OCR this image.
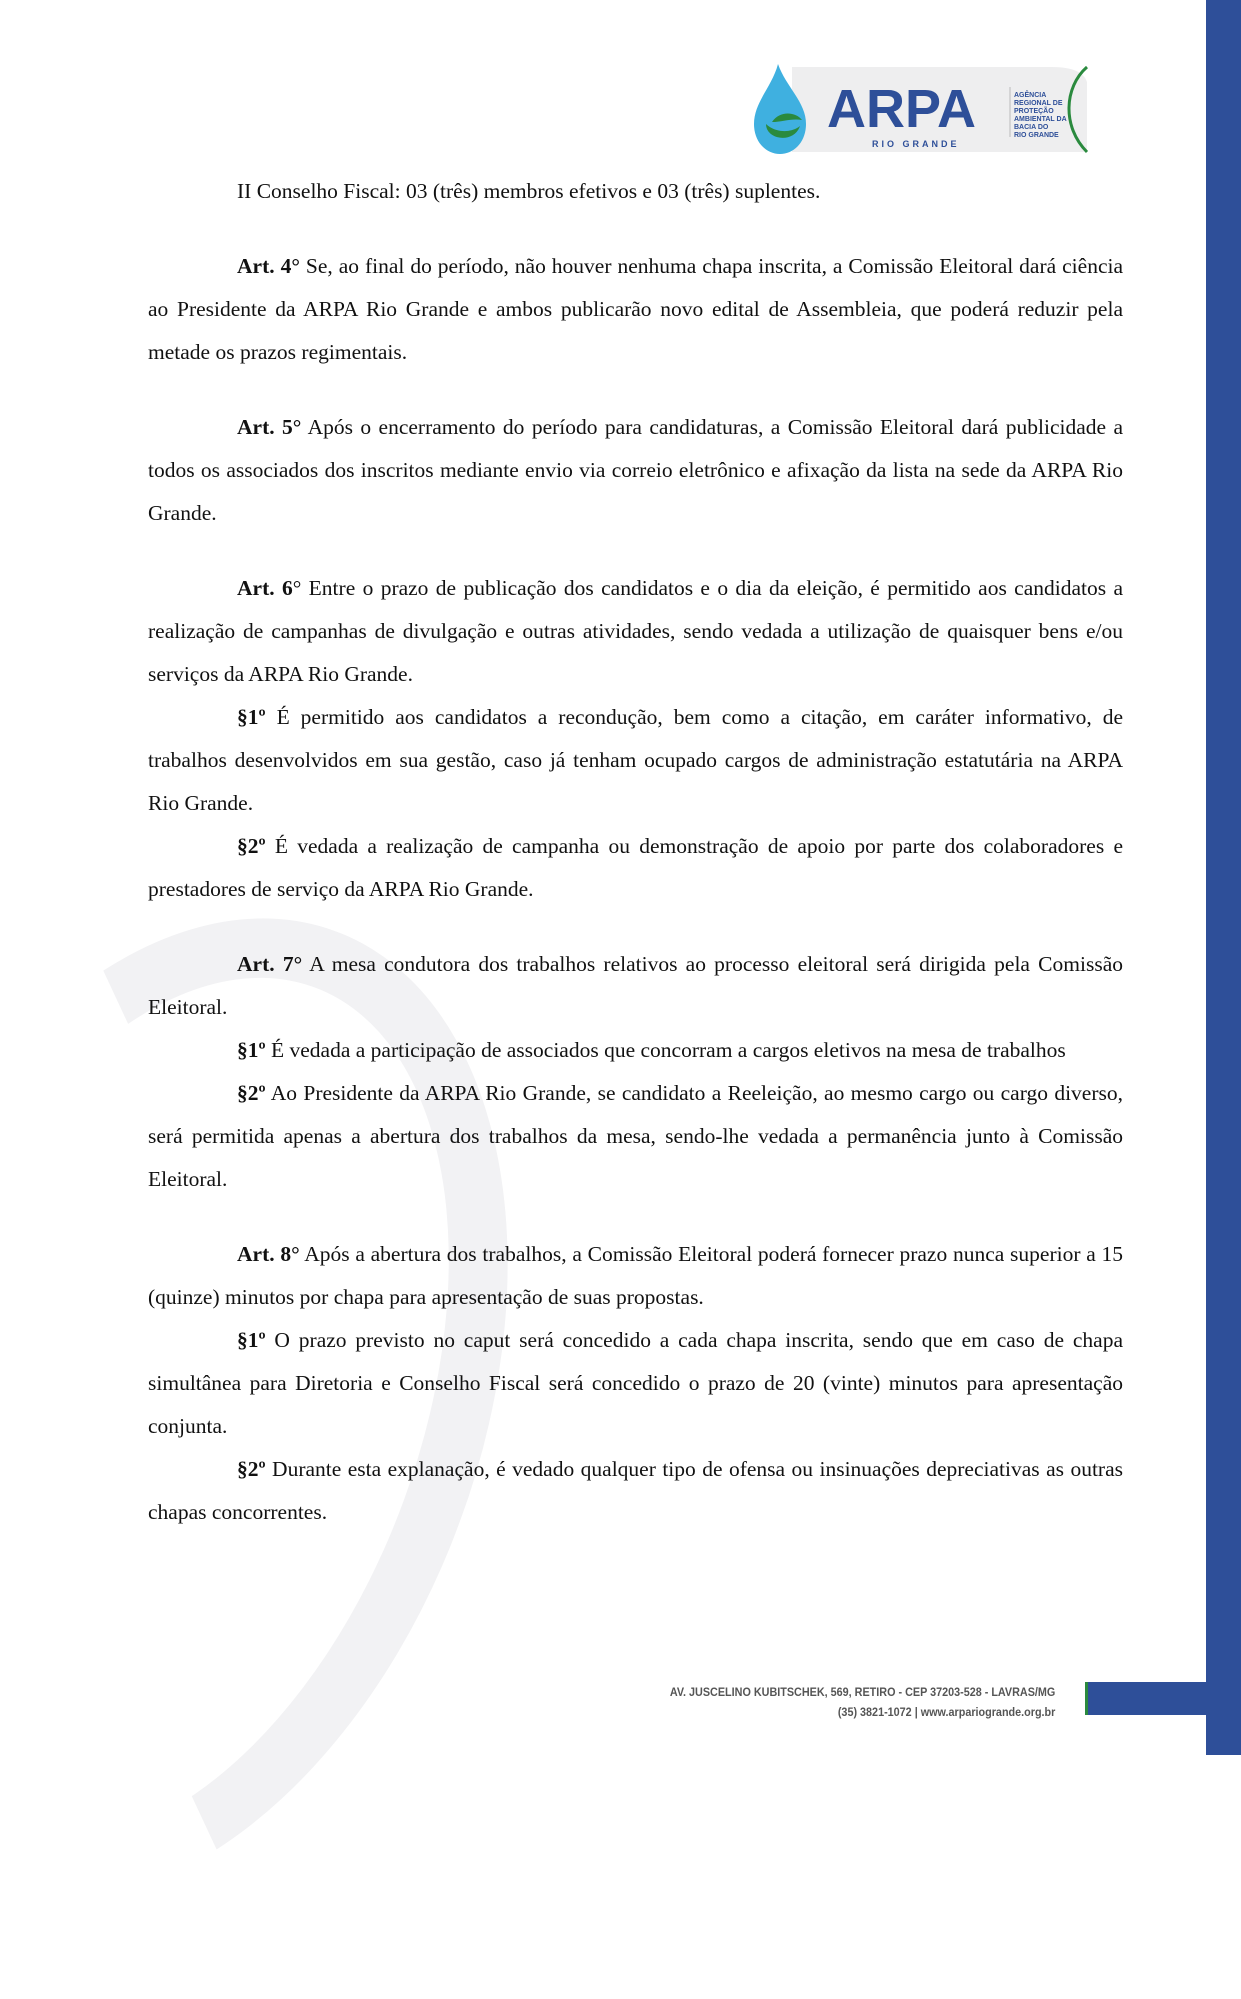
ARPA
RIO GRANDE
AGÊNCIA REGIONAL DE PROTEÇÃO AMBIENTAL DA BACIA DO RIO GRANDE

II Conselho Fiscal: 03 (três) membros efetivos e 03 (três) suplentes.

Art. 4° Se, ao final do período, não houver nenhuma chapa inscrita, a Comissão Eleitoral dará ciência ao Presidente da ARPA Rio Grande e ambos publicarão novo edital de Assembleia, que poderá reduzir pela metade os prazos regimentais.

Art. 5° Após o encerramento do período para candidaturas, a Comissão Eleitoral dará publicidade a todos os associados dos inscritos mediante envio via correio eletrônico e afixação da lista na sede da ARPA Rio Grande.

Art. 6° Entre o prazo de publicação dos candidatos e o dia da eleição, é permitido aos candidatos a realização de campanhas de divulgação e outras atividades, sendo vedada a utilização de quaisquer bens e/ou serviços da ARPA Rio Grande.

§1º É permitido aos candidatos a recondução, bem como a citação, em caráter informativo, de trabalhos desenvolvidos em sua gestão, caso já tenham ocupado cargos de administração estatutária na ARPA Rio Grande.

§2º É vedada a realização de campanha ou demonstração de apoio por parte dos colaboradores e prestadores de serviço da ARPA Rio Grande.

Art. 7° A mesa condutora dos trabalhos relativos ao processo eleitoral será dirigida pela Comissão Eleitoral.

§1º É vedada a participação de associados que concorram a cargos eletivos na mesa de trabalhos

§2º Ao Presidente da ARPA Rio Grande, se candidato a Reeleição, ao mesmo cargo ou cargo diverso, será permitida apenas a abertura dos trabalhos da mesa, sendo-lhe vedada a permanência junto à Comissão Eleitoral.

Art. 8° Após a abertura dos trabalhos, a Comissão Eleitoral poderá fornecer prazo nunca superior a 15 (quinze) minutos por chapa para apresentação de suas propostas.

§1º O prazo previsto no caput será concedido a cada chapa inscrita, sendo que em caso de chapa simultânea para Diretoria e Conselho Fiscal será concedido o prazo de 20 (vinte) minutos para apresentação conjunta.

§2º Durante esta explanação, é vedado qualquer tipo de ofensa ou insinuações depreciativas as outras chapas concorrentes.

AV. JUSCELINO KUBITSCHEK, 569, RETIRO - CEP 37203-528 - LAVRAS/MG
(35) 3821-1072 | www.arpariogrande.org.br
